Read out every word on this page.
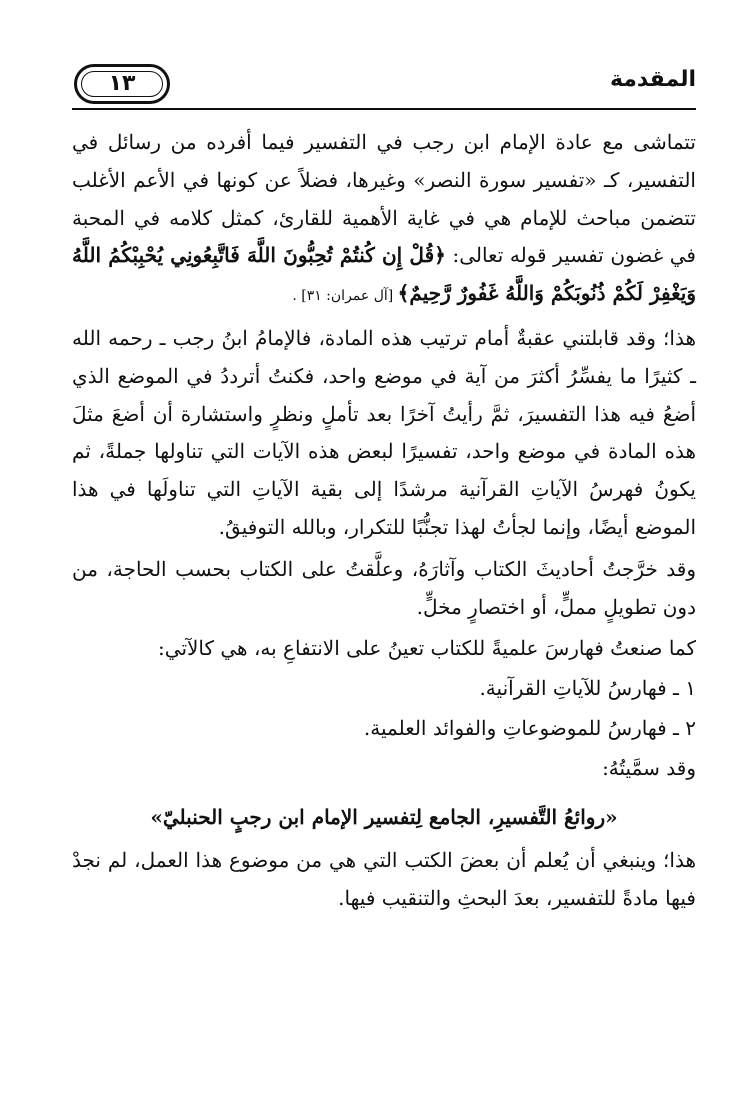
١٣	المقدمة

تتماشى مع عادة الإمام ابن رجب في التفسير فيما أفرده من رسائل في التفسير، كـ «تفسير سورة النصر» وغيرها، فضلاً عن كونها في الأعم الأغلب تتضمن مباحث للإمام هي في غاية الأهمية للقارئ، كمثل كلامه في المحبة في غضون تفسير قوله تعالى: ﴿قُلْ إِن كُنتُمْ تُحِبُّونَ اللَّهَ فَاتَّبِعُونِي يُحْبِبْكُمُ اللَّهُ وَيَغْفِرْ لَكُمْ ذُنُوبَكُمْ وَاللَّهُ غَفُورٌ رَّحِيمٌ﴾ [آل عمران: ٣١] .

هذا؛ وقد قابلتني عقبةٌ أمام ترتيب هذه المادة، فالإمامُ ابنُ رجب ـ رحمه الله ـ كثيرًا ما يفسِّرُ أكثرَ من آية في موضع واحد، فكنتُ أترددُ في الموضع الذي أضعُ فيه هذا التفسيرَ، ثمَّ رأيتُ آخرًا بعد تأملٍ ونظرٍ واستشارة أن أضعَ مثلَ هذه المادة في موضع واحد، تفسيرًا لبعض هذه الآيات التي تناولها جملةً، ثم يكونُ فهرسُ الآياتِ القرآنية مرشدًا إلى بقية الآياتِ التي تناولَها في هذا الموضع أيضًا، وإنما لجأتُ لهذا تجنُّبًا للتكرار، وبالله التوفيقُ.

وقد خرَّجتُ أحاديثَ الكتاب وآثارَهُ، وعلَّقتُ على الكتاب بحسب الحاجة، من دون تطويلٍ مملٍّ، أو اختصارٍ مخلٍّ.

كما صنعتُ فهارسَ علميةً للكتاب تعينُ على الانتفاعِ به، هي كالآتي:

١ ـ فهارسُ للآياتِ القرآنية.

٢ ـ فهارسُ للموضوعاتِ والفوائد العلمية.

وقد سمَّيتُهُ:

«روائعُ التَّفسيرِ، الجامع لِتفسير الإمام ابن رجبٍ الحنبليّ»

هذا؛ وينبغي أن يُعلم أن بعضَ الكتب التي هي من موضوع هذا العمل، لم نجدْ فيها مادةً للتفسير، بعدَ البحثِ والتنقيب فيها.
